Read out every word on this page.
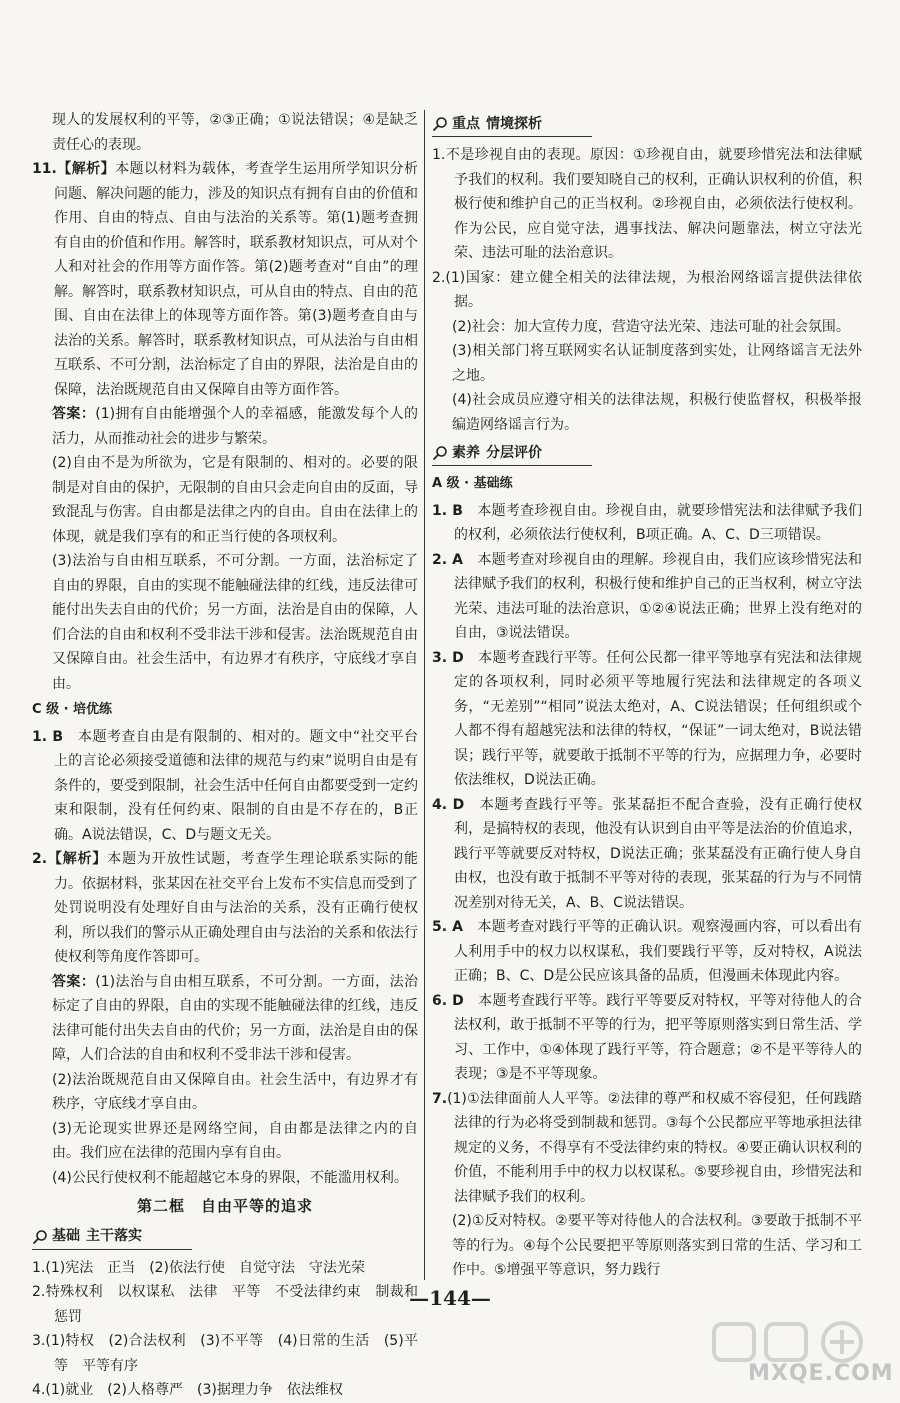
现人的发展权利的平等，②③正确；①说法错误；④是缺乏责任心的表现。

11.【解析】本题以材料为载体，考查学生运用所学知识分析问题、解决问题的能力，涉及的知识点有拥有自由的价值和作用、自由的特点、自由与法治的关系等。第(1)题考查拥有自由的价值和作用。解答时，联系教材知识点，可从对个人和对社会的作用等方面作答。第(2)题考查对“自由”的理解。解答时，联系教材知识点，可从自由的特点、自由的范围、自由在法律上的体现等方面作答。第(3)题考查自由与法治的关系。解答时，联系教材知识点，可从法治与自由相互联系、不可分割，法治标定了自由的界限，法治是自由的保障，法治既规范自由又保障自由等方面作答。

答案：(1)拥有自由能增强个人的幸福感，能激发每个人的活力，从而推动社会的进步与繁荣。

(2)自由不是为所欲为，它是有限制的、相对的。必要的限制是对自由的保护，无限制的自由只会走向自由的反面，导致混乱与伤害。自由都是法律之内的自由。自由在法律上的体现，就是我们享有的和正当行使的各项权利。

(3)法治与自由相互联系，不可分割。一方面，法治标定了自由的界限，自由的实现不能触碰法律的红线，违反法律可能付出失去自由的代价；另一方面，法治是自由的保障，人们合法的自由和权利不受非法干涉和侵害。法治既规范自由又保障自由。社会生活中，有边界才有秩序，守底线才享自由。

C 级 · 培优练

1. B　 本题考查自由是有限制的、相对的。题文中“社交平台上的言论必须接受道德和法律的规范与约束”说明自由是有条件的，要受到限制，社会生活中任何自由都要受到一定约束和限制，没有任何约束、限制的自由是不存在的，B正确。A说法错误，C、D与题文无关。

2.【解析】本题为开放性试题，考查学生理论联系实际的能力。依据材料，张某因在社交平台上发布不实信息而受到了处罚说明没有处理好自由与法治的关系，没有正确行使权利，所以我们的警示从正确处理自由与法治的关系和依法行使权利等角度作答即可。

答案：(1)法治与自由相互联系，不可分割。一方面，法治标定了自由的界限，自由的实现不能触碰法律的红线，违反法律可能付出失去自由的代价；另一方面，法治是自由的保障，人们合法的自由和权利不受非法干涉和侵害。

(2)法治既规范自由又保障自由。社会生活中，有边界才有秩序，守底线才享自由。

(3)无论现实世界还是网络空间，自由都是法律之内的自由。我们应在法律的范围内享有自由。

(4)公民行使权利不能超越它本身的界限，不能滥用权利。

第二框　自由平等的追求
基础 主干落实

1.(1)宪法　正当　(2)依法行使　自觉守法　守法光荣

2.特殊权利　以权谋私　法律　平等　不受法律约束　制裁和惩罚

3.(1)特权　(2)合法权利　(3)不平等　(4)日常的生活　(5)平等　平等有序

4.(1)就业　(2)人格尊严　(3)据理力争　依法维权

重点 情境探析

1.不是珍视自由的表现。原因：①珍视自由，就要珍惜宪法和法律赋予我们的权利。我们要知晓自己的权利，正确认识权利的价值，积极行使和维护自己的正当权利。②珍视自由，必须依法行使权利。作为公民，应自觉守法，遇事找法、解决问题靠法，树立守法光荣、违法可耻的法治意识。

2.(1)国家：建立健全相关的法律法规，为根治网络谣言提供法律依据。

(2)社会：加大宣传力度，营造守法光荣、违法可耻的社会氛围。

(3)相关部门将互联网实名认证制度落到实处，让网络谣言无法外之地。

(4)社会成员应遵守相关的法律法规，积极行使监督权，积极举报编造网络谣言行为。

素养 分层评价
A 级 · 基础练

1. B　 本题考查珍视自由。珍视自由，就要珍惜宪法和法律赋予我们的权利，必须依法行使权利，B项正确。A、C、D三项错误。

2. A　 本题考查对珍视自由的理解。珍视自由，我们应该珍惜宪法和法律赋予我们的权利，积极行使和维护自己的正当权利，树立守法光荣、违法可耻的法治意识，①②④说法正确；世界上没有绝对的自由，③说法错误。

3. D　 本题考查践行平等。任何公民都一律平等地享有宪法和法律规定的各项权利，同时必须平等地履行宪法和法律规定的各项义务，“无差别”“相同”说法太绝对，A、C说法错误；任何组织或个人都不得有超越宪法和法律的特权，“保证”一词太绝对，B说法错误；践行平等，就要敢于抵制不平等的行为，应据理力争，必要时依法维权，D说法正确。

4. D　 本题考查践行平等。张某磊拒不配合查验，没有正确行使权利，是搞特权的表现，他没有认识到自由平等是法治的价值追求，践行平等就要反对特权，D说法正确；张某磊没有正确行使人身自由权，也没有敢于抵制不平等对待的表现，张某磊的行为与不同情况差别对待无关，A、B、C说法错误。

5. A　 本题考查对践行平等的正确认识。观察漫画内容，可以看出有人利用手中的权力以权谋私，我们要践行平等，反对特权，A说法正确；B、C、D是公民应该具备的品质，但漫画未体现此内容。

6. D　 本题考查践行平等。践行平等要反对特权，平等对待他人的合法权利，敢于抵制不平等的行为，把平等原则落实到日常生活、学习、工作中，①④体现了践行平等，符合题意；②不是平等待人的表现；③是不平等现象。

7.(1)①法律面前人人平等。②法律的尊严和权威不容侵犯，任何践踏法律的行为必将受到制裁和惩罚。③每个公民都应平等地承担法律规定的义务，不得享有不受法律约束的特权。④要正确认识权利的价值，不能利用手中的权力以权谋私。⑤要珍视自由，珍惜宪法和法律赋予我们的权利。

(2)①反对特权。②要平等对待他人的合法权利。③要敢于抵制不平等的行为。④每个公民要把平等原则落实到日常的生活、学习和工作中。⑤增强平等意识，努力践行

—144—
MXQE.COM
